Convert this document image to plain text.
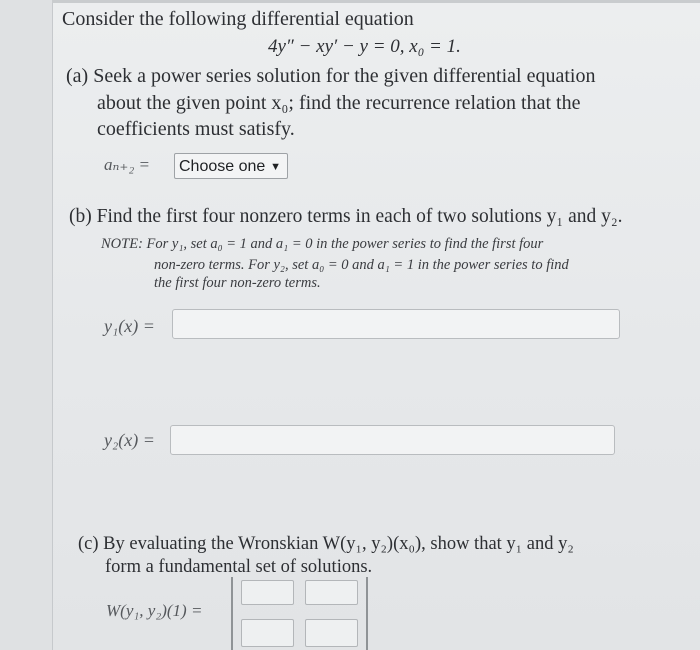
Consider the following differential equation
4y″ − xy′ − y = 0, x₀ = 1.
(a) Seek a power series solution for the given differential equation
about the given point x₀; find the recurrence relation that the
coefficients must satisfy.
aₙ₊₂ =	Choose one ▼
(b) Find the first four nonzero terms in each of two solutions y₁ and y₂.
NOTE: For y₁, set a₀ = 1 and a₁ = 0 in the power series to find the first four
non-zero terms. For y₂, set a₀ = 0 and a₁ = 1 in the power series to find
the first four non-zero terms.
y₁(x) =
y₂(x) =
(c) By evaluating the Wronskian W(y₁, y₂)(x₀), show that y₁ and y₂
form a fundamental set of solutions.
W(y₁, y₂)(1) =
